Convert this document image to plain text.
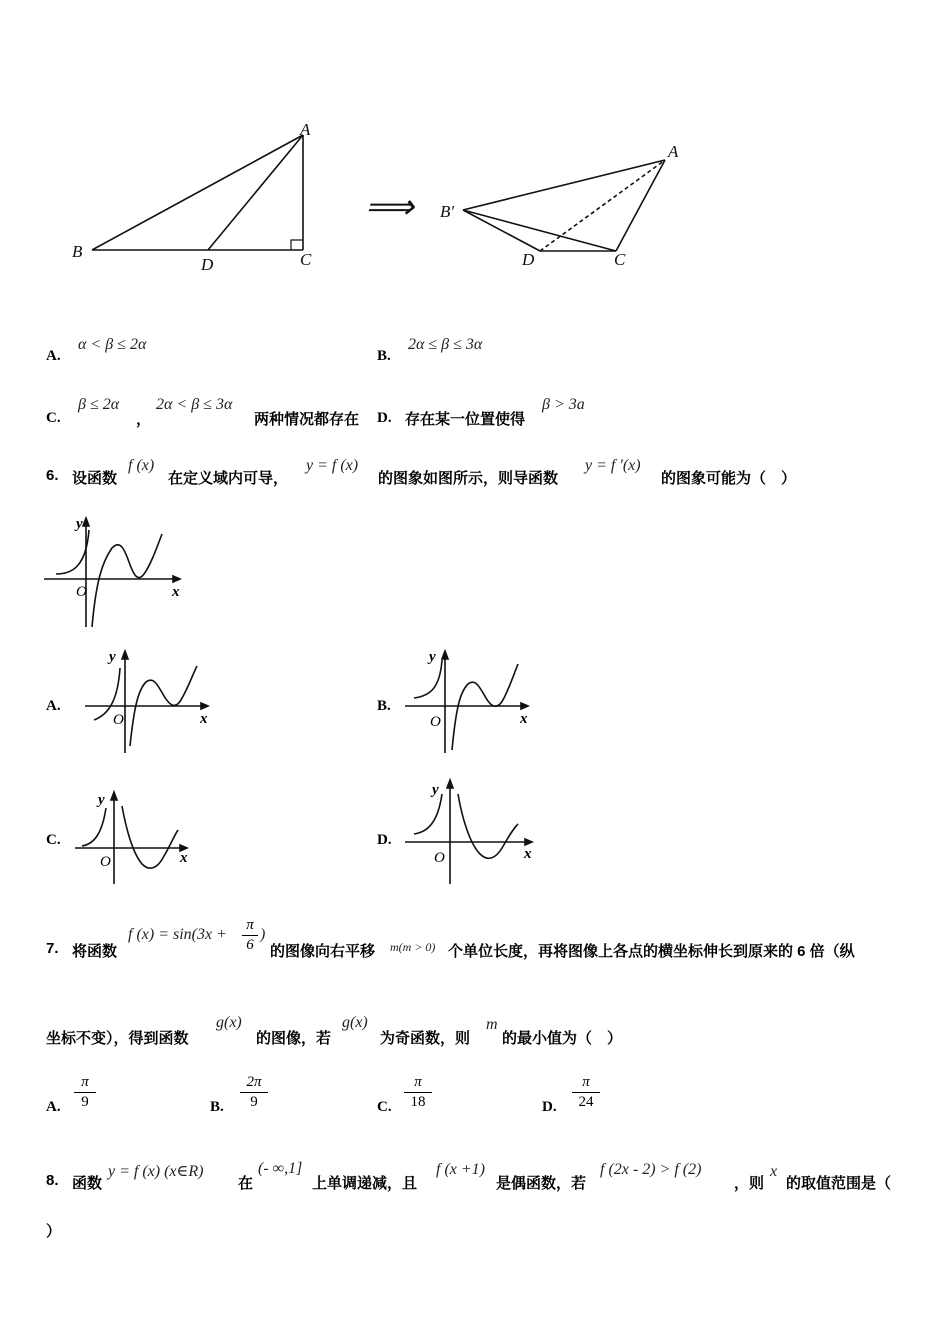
A
B	C
D
A
B′
C
D
⟹
A.
α < β ≤ 2α
B.
2α ≤ β ≤ 3α
C.
β ≤ 2α
，
2α < β ≤ 3α
两种情况都存在 D. 存在某一位置使得
β > 3a
6. 设函数
f (x)
在定义域内可导，
y = f (x)
的图象如图所示，则导函数
y = f ′(x)
的图象可能为（　）
y
x
O
A.
y
x
O
B.
y
x
O
C.
y
x
O
D.
y
x
O
7. 将函数
f (x) = sin(3x +
π
6
)
的图像向右平移 m(m > 0) 个单位长度，再将图像上各点的横坐标伸长到原来的 6 倍（纵
坐标不变），得到函数
g(x)
的图像，若
g(x)
为奇函数，则
m
的最小值为（　）
A.
π
9	B.
2π
9	C.
π
18	D.
π
24
8. 函数
y = f (x) (x∈R)
在
(- ∞,1]
上单调递减，且
f (x +1)
是偶函数，若
f (2x - 2) > f (2)
，则
x
的取值范围是（
）
